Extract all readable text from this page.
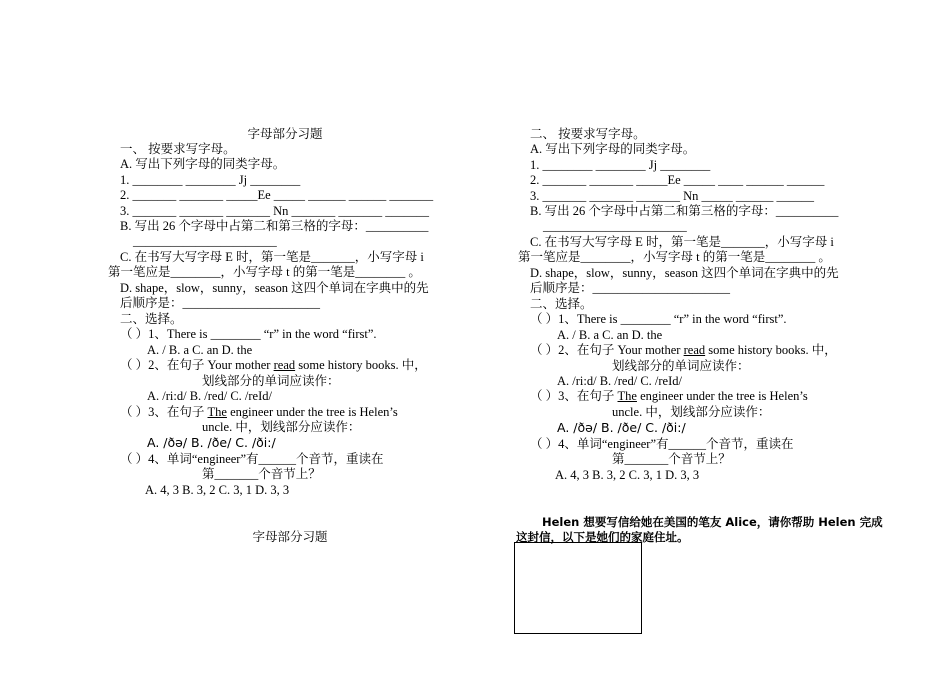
字母部分习题
一、 按要求写字母。
A. 写出下列字母的同类字母。
1. ________ ________ Jj ________
2. _______ _______ _____Ee _____ ______ ______ _______
3. _______ _______ _______ Nn _______ _______ _______
B. 写出 26 个字母中占第二和第三格的字母：__________
_______________________
C. 在书写大写字母 E 时，第一笔是_______，小写字母 i
第一笔应是________，小写字母 t 的第一笔是________ 。
D. shape，slow，sunny，season 这四个单词在字典中的先
后顺序是：______________________
二、选择。
（ ）1、There is ________ “r” in the word “first”.
A. / B. a C. an D. the
（ ）2、在句子 Your mother read some history books. 中，
划线部分的单词应读作：
A. /ri:d/ B. /red/ C. /reId/
（ ）3、在句子 The engineer under the tree is Helen’s
uncle. 中，划线部分应读作：
A. /ðə/ B. /ðe/ C. /ði:/
（ ）4、单词“engineer”有______个音节，重读在
第_______个音节上？
A. 4, 3 B. 3, 2 C. 3, 1 D. 3, 3
字母部分习题
二、 按要求写字母。
A. 写出下列字母的同类字母。
1. ________ ________ Jj ________
2. _______ _______ _____Ee _____ ____ ______ ______
3. _______ _______ _______ Nn _____ ______ ______
B. 写出 26 个字母中占第二和第三格的字母：__________
_______________________
C. 在书写大写字母 E 时，第一笔是_______，小写字母 i
第一笔应是________，小写字母 t 的第一笔是________ 。
D. shape，slow，sunny，season 这四个单词在字典中的先
后顺序是：______________________
二、选择。
（ ）1、There is ________ “r” in the word “first”.
A. / B. a C. an D. the
（ ）2、在句子 Your mother read some history books. 中，
划线部分的单词应读作：
A. /ri:d/ B. /red/ C. /reId/
（ ）3、在句子 The engineer under the tree is Helen’s
uncle. 中，划线部分应读作：
A. /ðə/ B. /ðe/ C. /ði:/
（ ）4、单词“engineer”有______个音节，重读在
第_______个音节上？
A. 4, 3 B. 3, 2 C. 3, 1 D. 3, 3
Helen 想要写信给她在美国的笔友 Alice，请你帮助 Helen 完成
这封信，以下是她们的家庭住址。
